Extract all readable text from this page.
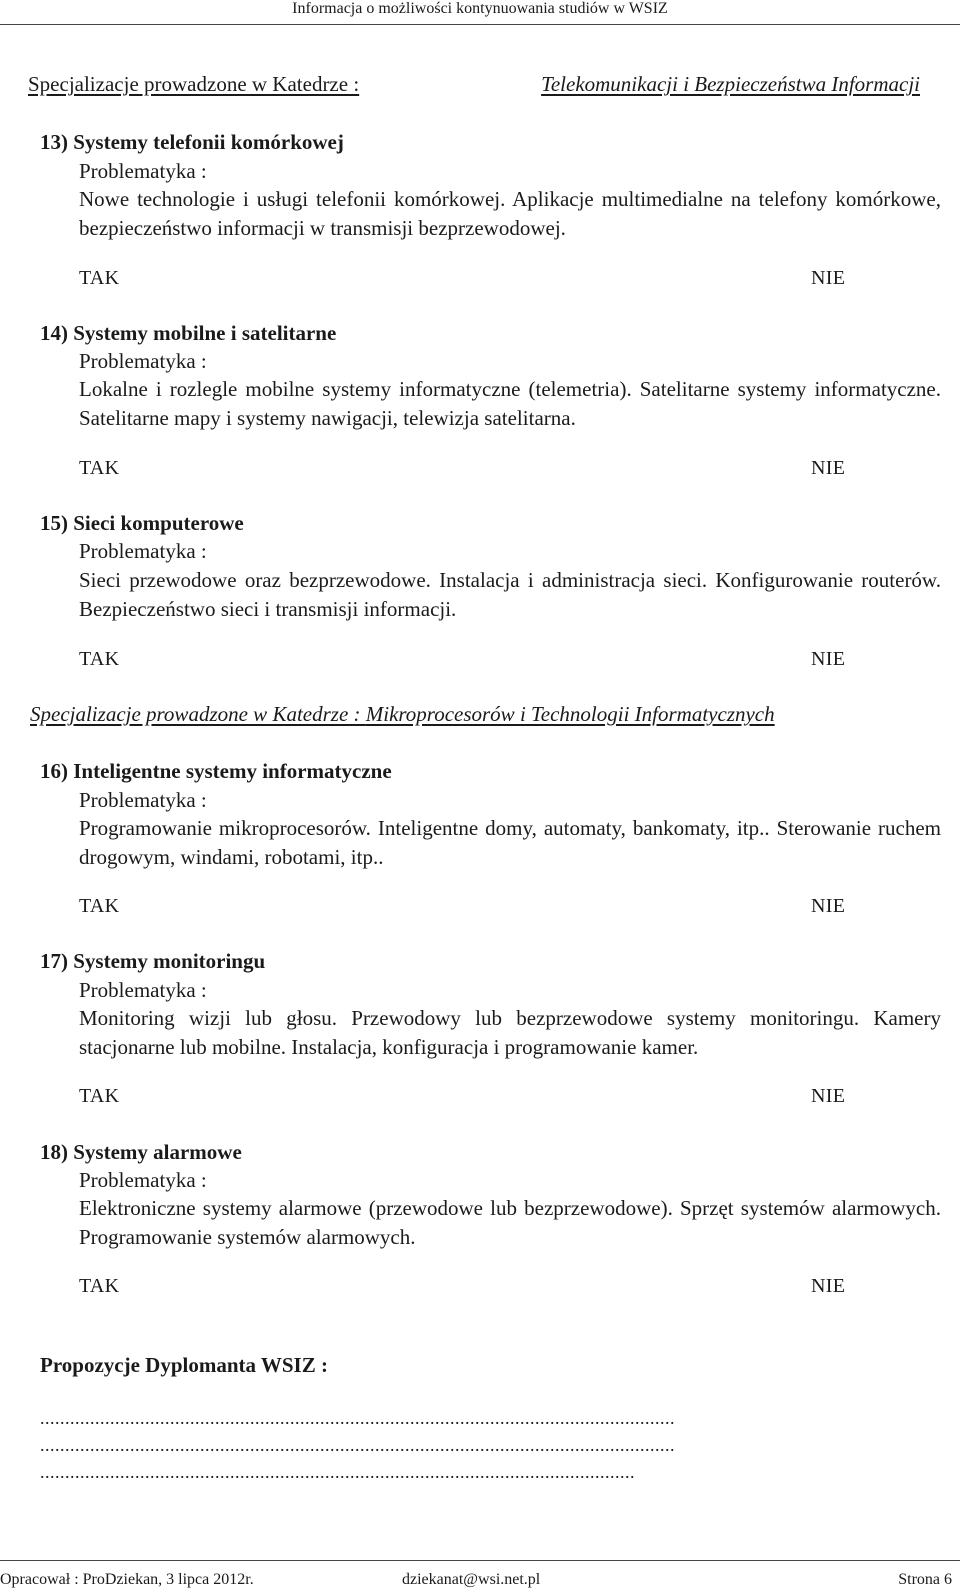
Informacja o możliwości kontynuowania studiów w WSIZ
Specjalizacje prowadzone w Katedrze :	Telekomunikacji i Bezpieczeństwa Informacji
13) Systemy telefonii komórkowej
Problematyka :
Nowe technologie i usługi telefonii komórkowej. Aplikacje multimedialne na telefony komórkowe, bezpieczeństwo informacji w transmisji bezprzewodowej.
TAK	NIE
14) Systemy mobilne i satelitarne
Problematyka :
Lokalne i rozlegle mobilne systemy informatyczne (telemetria). Satelitarne systemy informatyczne. Satelitarne mapy i systemy nawigacji, telewizja satelitarna.
TAK	NIE
15) Sieci komputerowe
Problematyka :
Sieci przewodowe oraz bezprzewodowe. Instalacja i administracja sieci. Konfigurowanie routerów. Bezpieczeństwo sieci i transmisji informacji.
TAK	NIE
Specjalizacje prowadzone w Katedrze : Mikroprocesorów i Technologii Informatycznych
16) Inteligentne systemy informatyczne
Problematyka :
Programowanie mikroprocesorów. Inteligentne domy, automaty, bankomaty, itp.. Sterowanie ruchem drogowym, windami, robotami, itp..
TAK	NIE
17) Systemy monitoringu
Problematyka :
Monitoring wizji lub głosu. Przewodowy lub bezprzewodowe systemy monitoringu. Kamery stacjonarne lub mobilne. Instalacja, konfiguracja i programowanie kamer.
TAK	NIE
18) Systemy alarmowe
Problematyka :
Elektroniczne systemy alarmowe (przewodowe lub bezprzewodowe). Sprzęt systemów alarmowych. Programowanie systemów alarmowych.
TAK	NIE
Propozycje Dyplomanta WSIZ :
...............................................................................................................................
...............................................................................................................................
.......................................................................................................................
Opracował : ProDziekan, 3 lipca 2012r.	dziekanat@wsi.net.pl	Strona 6
